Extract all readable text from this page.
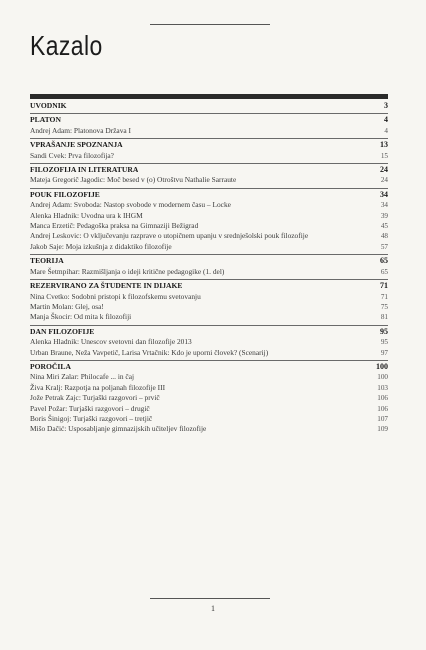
Kazalo
UVODNIK	3
PLATON	4
Andrej Adam: Platonova Država I	4
VPRAŠANJE SPOZNANJA	13
Sandi Cvek: Prva filozofija?	15
FILOZOFIJA IN LITERATURA	24
Mateja Gregorič Jagodic: Moč besed v (o) Otroštvu Nathalie Sarraute	24
POUK FILOZOFIJE	34
Andrej Adam: Svoboda: Nastop svobode v modernem času – Locke	34
Alenka Hladnik: Uvodna ura k IHGM	39
Manca Erzetič: Pedagoška praksa na Gimnaziji Bežigrad	45
Andrej Leskovic: O vključevanju razprave o utopičnem upanju v srednješolski pouk filozofije	48
Jakob Saje: Moja izkušnja z didaktiko filozofije	57
TEORIJA	65
Mare Šetmpihar: Razmišljanja o ideji kritične pedagogike (1. del)	65
REZERVIRANO ZA ŠTUDENTE IN DIJAKE	71
Nina Cvetko: Sodobni pristopi k filozofskemu svetovanju	71
Martin Molan: Glej, osa!	75
Manja Škocir: Od mita k filozofiji	81
DAN FILOZOFIJE	95
Alenka Hladnik: Unescov svetovni dan filozofije 2013	95
Urban Braune, Neža Vavpetič, Larisa Vrtačnik: Kdo je uporni človek? (Scenarij)	97
POROČILA	100
Nina Miri Zalar: Philocafe ... in čaj	100
Živa Kralj: Razpotja na poljanah filozofije III	103
Jože Petrak Zajc: Turjaški razgovori – prvič	106
Pavel Požar: Turjaški razgovori – drugič	106
Boris Šinigoj: Turjaški razgovori – tretjič	107
Mišo Dačić: Usposabljanje gimnazijskih učiteljev filozofije	109
1
